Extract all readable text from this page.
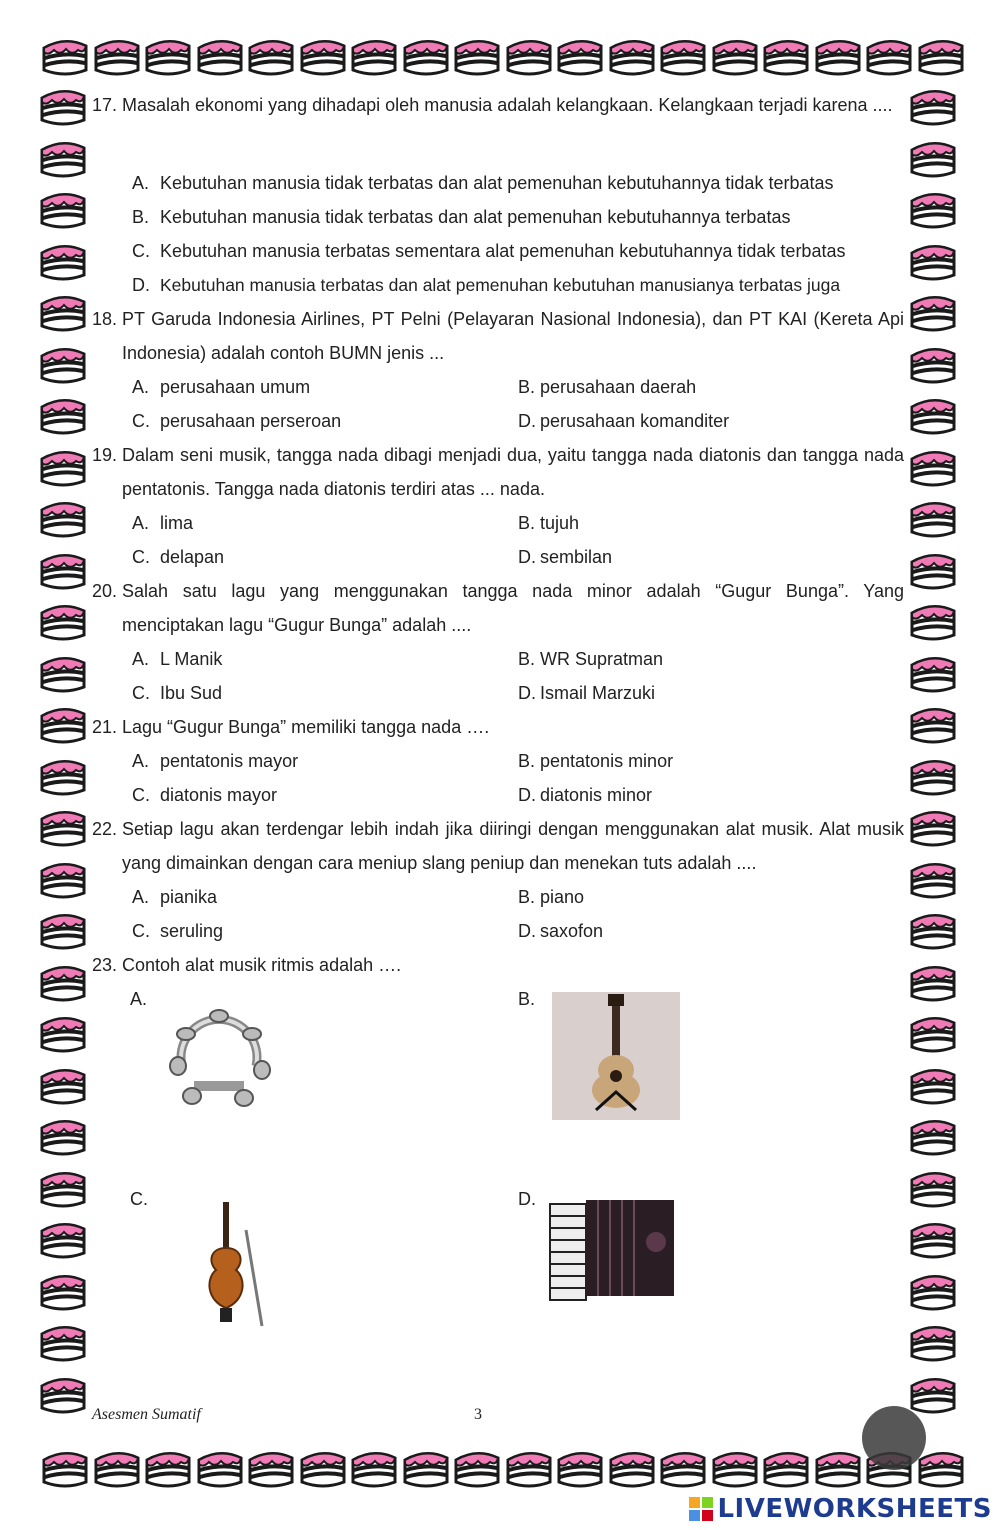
17. Masalah ekonomi yang dihadapi oleh manusia adalah kelangkaan. Kelangkaan terjadi karena ....
A. Kebutuhan manusia tidak terbatas dan alat pemenuhan kebutuhannya tidak terbatas
B. Kebutuhan manusia tidak terbatas dan alat pemenuhan kebutuhannya terbatas
C. Kebutuhan manusia terbatas sementara alat pemenuhan kebutuhannya tidak terbatas
D. Kebutuhan manusia terbatas dan alat pemenuhan kebutuhan manusianya terbatas juga
18. PT Garuda Indonesia Airlines, PT Pelni (Pelayaran Nasional Indonesia), dan PT KAI (Kereta Api Indonesia) adalah contoh BUMN jenis ...
A. perusahaan umum	B. perusahaan daerah
C. perusahaan perseroan	D. perusahaan komanditer
19. Dalam seni musik, tangga nada dibagi menjadi dua, yaitu tangga nada diatonis dan tangga nada pentatonis. Tangga nada diatonis terdiri atas ... nada.
A. lima	B. tujuh
C. delapan	D. sembilan
20. Salah satu lagu yang menggunakan tangga nada minor adalah “Gugur Bunga”. Yang menciptakan lagu “Gugur Bunga” adalah ....
A. L Manik	B. WR Supratman
C. Ibu Sud	D. Ismail Marzuki
21. Lagu “Gugur Bunga” memiliki tangga nada ….
A. pentatonis mayor	B. pentatonis minor
C. diatonis mayor	D. diatonis minor
22. Setiap lagu akan terdengar lebih indah jika diiringi dengan menggunakan alat musik. Alat musik yang dimainkan dengan cara meniup slang peniup dan menekan tuts adalah ....
A. pianika	B. piano
C. seruling	D. saxofon
23. Contoh alat musik ritmis adalah ….
A.	B.
C.	D.
Asesmen Sumatif	3
LIVEWORKSHEETS
